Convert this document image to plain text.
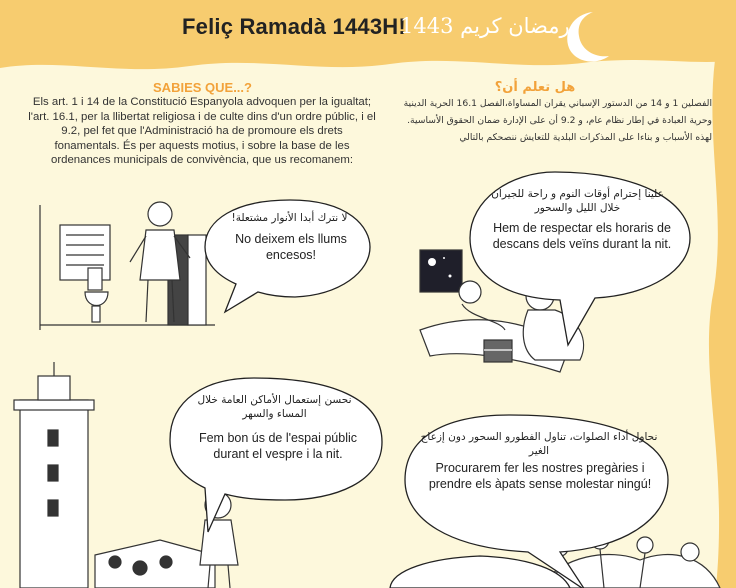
Feliç Ramadà 1443H!
رمضان كريم 1443
SABIES QUE...?	هل تعلم أن؟
Els art. 1 i 14 de la Constitució Espanyola advoquen per la igualtat; l'art. 16.1, per la llibertat religiosa i de culte dins d'un ordre públic, i el 9.2, pel fet que l'Administració ha de promoure els drets fonamentals. És per aquests motius, i sobre la base de les ordenances municipals de convivència, que us recomanem:
الفصلين 1 و 14 من الدستور الإسباني يقران المساواة،الفصل 16.1 الحرية الدينية وحرية العبادة في إطار نظام عام، و 9.2 أن على الإدارة ضمان الحقوق الأساسية. لهذه الأسباب و بناءا على المذكرات البلدية للتعايش ننصحكم بالتالي
لا نترك أبدا الأنوار مشتعلة!
No deixem els llums encesos!
علينا إحترام أوقات النوم و راحة للجيران خلال الليل والسحور
Hem de respectar els horaris de descans dels veïns durant la nit.
نحسن إستعمال الأماكن العامة خلال المساء والسهر
Fem bon ús de l'espai públic durant el vespre i la nit.
نحاول أداء الصلوات، تناول الفطورو السحور دون إزعاج الغير
Procurarem fer les nostres pregàries i prendre els àpats sense molestar ningú!
